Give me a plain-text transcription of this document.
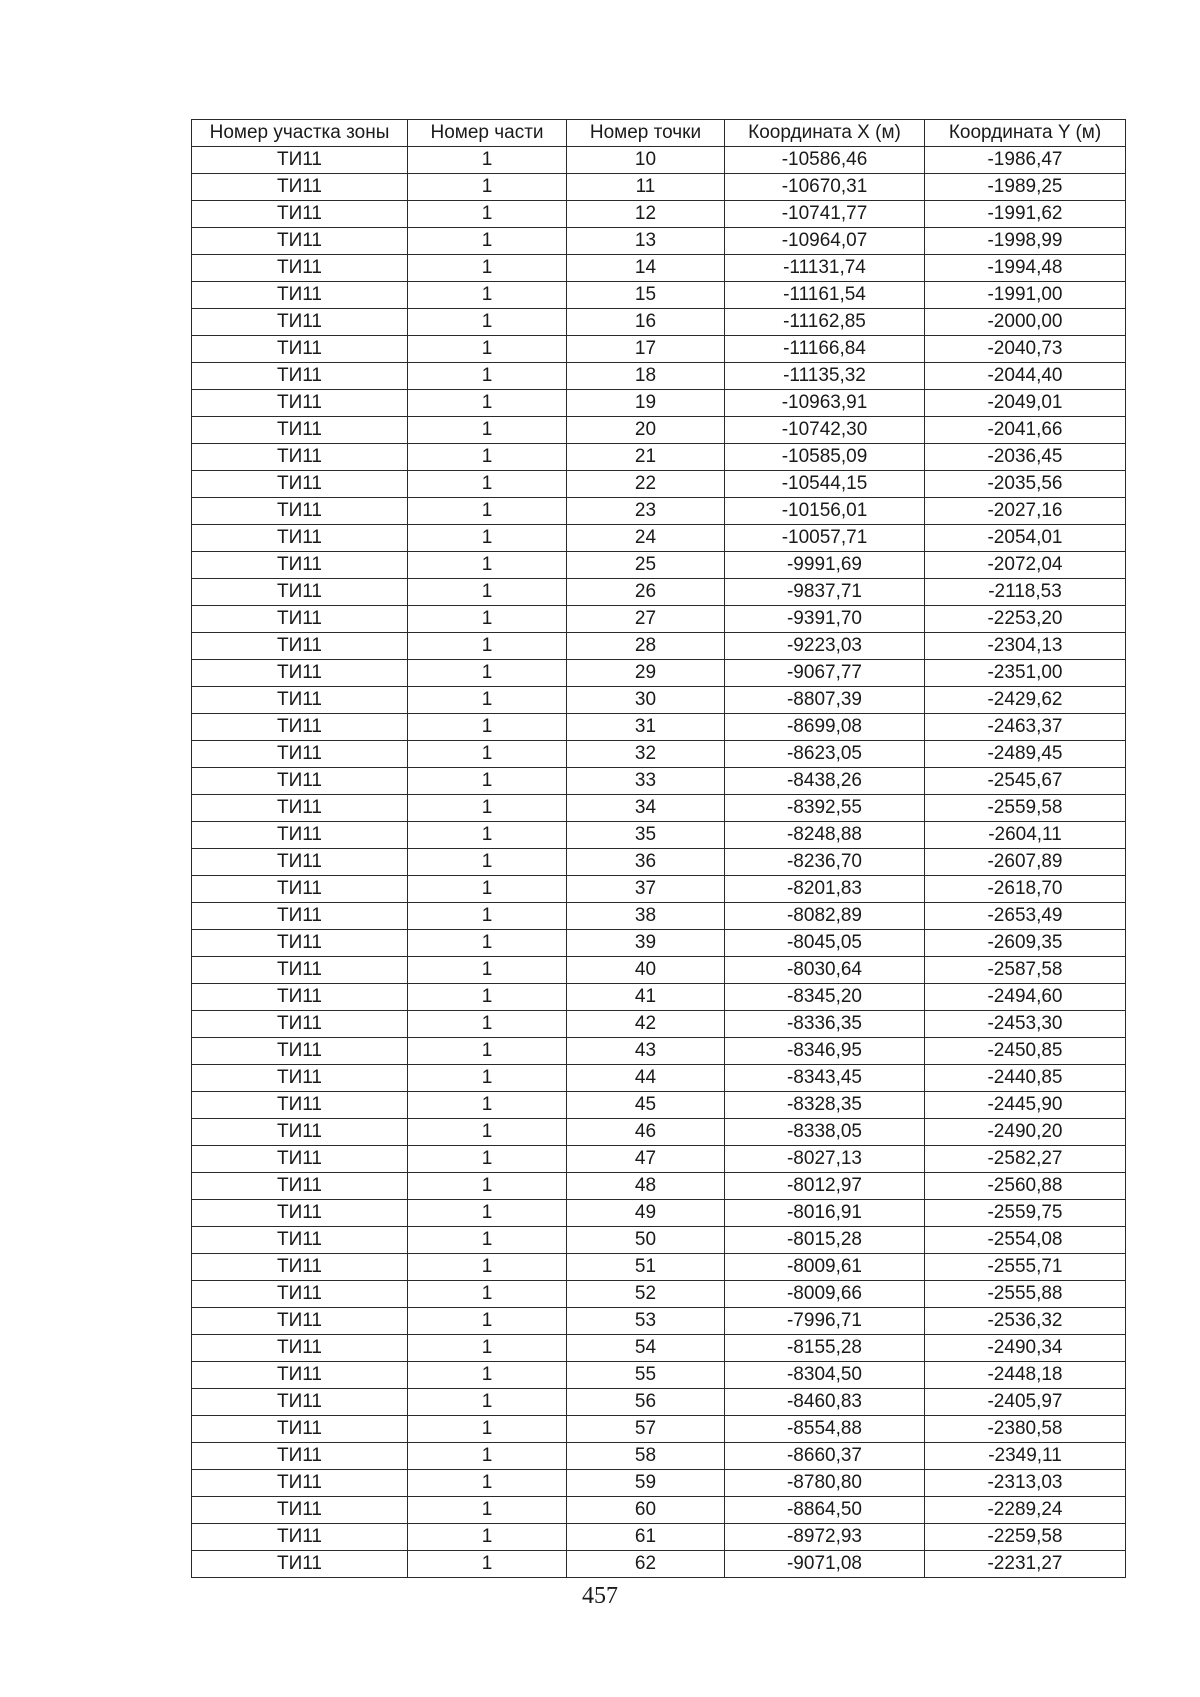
Номер участка зоны	Номер части	Номер точки	Координата X (м)	Координата Y (м)
ТИ11	1	10	-10586,46	-1986,47
ТИ11	1	11	-10670,31	-1989,25
ТИ11	1	12	-10741,77	-1991,62
ТИ11	1	13	-10964,07	-1998,99
ТИ11	1	14	-11131,74	-1994,48
ТИ11	1	15	-11161,54	-1991,00
ТИ11	1	16	-11162,85	-2000,00
ТИ11	1	17	-11166,84	-2040,73
ТИ11	1	18	-11135,32	-2044,40
ТИ11	1	19	-10963,91	-2049,01
ТИ11	1	20	-10742,30	-2041,66
ТИ11	1	21	-10585,09	-2036,45
ТИ11	1	22	-10544,15	-2035,56
ТИ11	1	23	-10156,01	-2027,16
ТИ11	1	24	-10057,71	-2054,01
ТИ11	1	25	-9991,69	-2072,04
ТИ11	1	26	-9837,71	-2118,53
ТИ11	1	27	-9391,70	-2253,20
ТИ11	1	28	-9223,03	-2304,13
ТИ11	1	29	-9067,77	-2351,00
ТИ11	1	30	-8807,39	-2429,62
ТИ11	1	31	-8699,08	-2463,37
ТИ11	1	32	-8623,05	-2489,45
ТИ11	1	33	-8438,26	-2545,67
ТИ11	1	34	-8392,55	-2559,58
ТИ11	1	35	-8248,88	-2604,11
ТИ11	1	36	-8236,70	-2607,89
ТИ11	1	37	-8201,83	-2618,70
ТИ11	1	38	-8082,89	-2653,49
ТИ11	1	39	-8045,05	-2609,35
ТИ11	1	40	-8030,64	-2587,58
ТИ11	1	41	-8345,20	-2494,60
ТИ11	1	42	-8336,35	-2453,30
ТИ11	1	43	-8346,95	-2450,85
ТИ11	1	44	-8343,45	-2440,85
ТИ11	1	45	-8328,35	-2445,90
ТИ11	1	46	-8338,05	-2490,20
ТИ11	1	47	-8027,13	-2582,27
ТИ11	1	48	-8012,97	-2560,88
ТИ11	1	49	-8016,91	-2559,75
ТИ11	1	50	-8015,28	-2554,08
ТИ11	1	51	-8009,61	-2555,71
ТИ11	1	52	-8009,66	-2555,88
ТИ11	1	53	-7996,71	-2536,32
ТИ11	1	54	-8155,28	-2490,34
ТИ11	1	55	-8304,50	-2448,18
ТИ11	1	56	-8460,83	-2405,97
ТИ11	1	57	-8554,88	-2380,58
ТИ11	1	58	-8660,37	-2349,11
ТИ11	1	59	-8780,80	-2313,03
ТИ11	1	60	-8864,50	-2289,24
ТИ11	1	61	-8972,93	-2259,58
ТИ11	1	62	-9071,08	-2231,27
457
